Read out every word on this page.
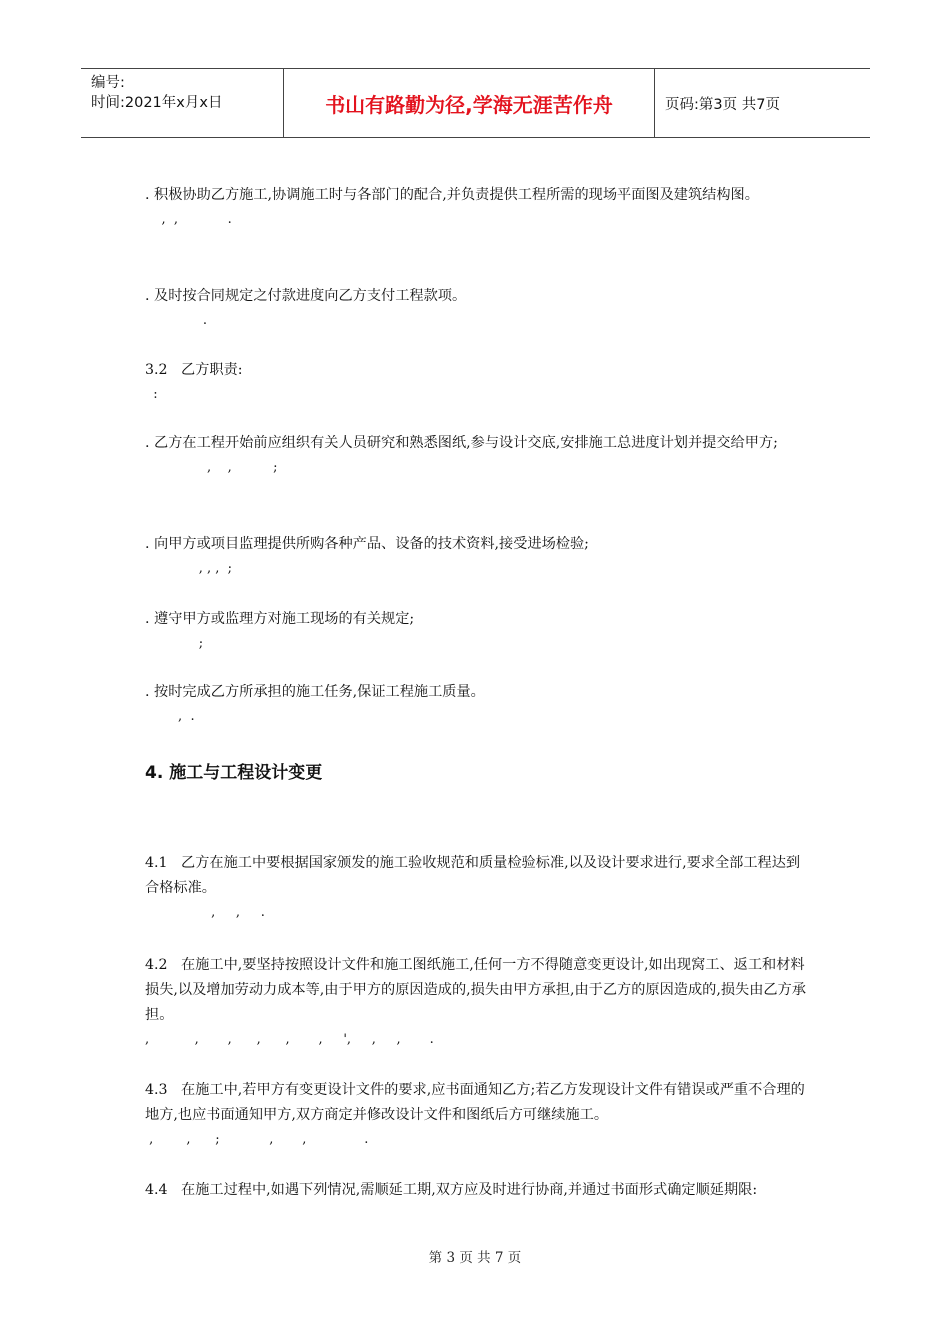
编号:
时间:2021年x月x日	书山有路勤为径,学海无涯苦作舟	页码:第3页 共7页

. 积极协助乙方施工,协调施工时与各部门的配合,并负责提供工程所需的现场平面图及建筑结构图。

,  ,            .

. 及时按合同规定之付款进度向乙方支付工程款项。

.

3.2 乙方职责:

:

. 乙方在工程开始前应组织有关人员研究和熟悉图纸,参与设计交底,安排施工总进度计划并提交给甲方;

,    ,          ;

. 向甲方或项目监理提供所购各种产品、设备的技术资料,接受进场检验;

, , ,  ;

. 遵守甲方或监理方对施工现场的有关规定;

;

. 按时完成乙方所承担的施工任务,保证工程施工质量。

,  .

4. 施工与工程设计变更

4.1 乙方在施工中要根据国家颁发的施工验收规范和质量检验标准,以及设计要求进行,要求全部工程达到合格标准。

,     ,     .

4.2 在施工中,要坚持按照设计文件和施工图纸施工,任何一方不得随意变更设计,如出现窝工、返工和材料损失,以及增加劳动力成本等,由于甲方的原因造成的,损失由甲方承担,由于乙方的原因造成的,损失由乙方承担。

,           ,       ,      ,      ,       ,     ',     ,     ,       .

4.3 在施工中,若甲方有变更设计文件的要求,应书面通知乙方;若乙方发现设计文件有错误或严重不合理的地方,也应书面通知甲方,双方商定并修改设计文件和图纸后方可继续施工。

,        ,      ;            ,       ,              .

4.4 在施工过程中,如遇下列情况,需顺延工期,双方应及时进行协商,并通过书面形式确定顺延期限:

第 3 页 共 7 页
